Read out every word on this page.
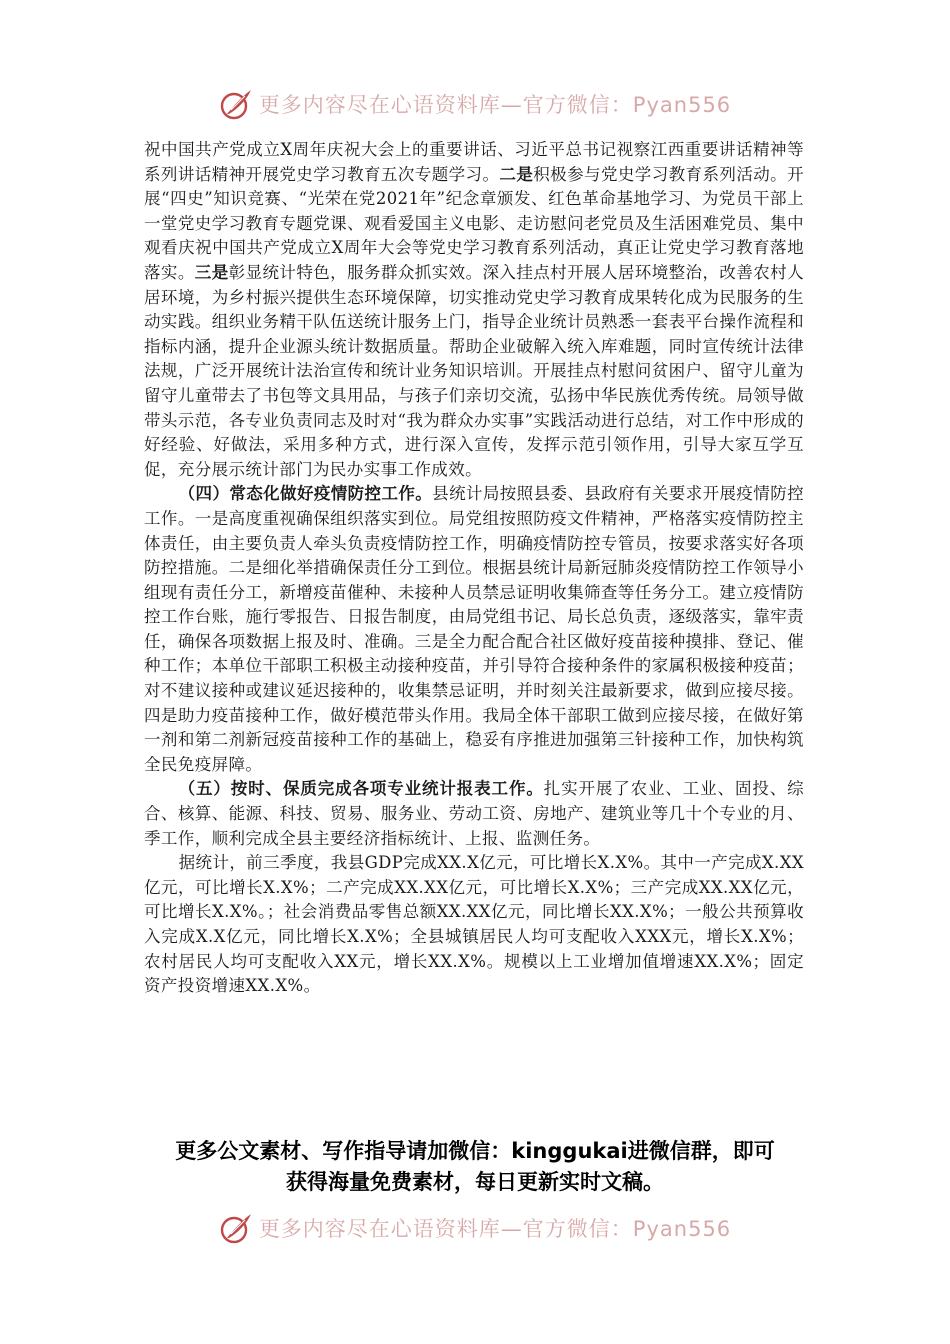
更多内容尽在心语资料库—官方微信：Pyan556

祝中国共产党成立X周年庆祝大会上的重要讲话、习近平总书记视察江西重要讲话精神等系列讲话精神开展党史学习教育五次专题学习。二是积极参与党史学习教育系列活动。开展“四史”知识竞赛、“光荣在党2021年”纪念章颁发、红色革命基地学习、为党员干部上一堂党史学习教育专题党课、观看爱国主义电影、走访慰问老党员及生活困难党员、集中观看庆祝中国共产党成立X周年大会等党史学习教育系列活动，真正让党史学习教育落地落实。三是彰显统计特色，服务群众抓实效。深入挂点村开展人居环境整治，改善农村人居环境，为乡村振兴提供生态环境保障，切实推动党史学习教育成果转化成为民服务的生动实践。组织业务精干队伍送统计服务上门，指导企业统计员熟悉一套表平台操作流程和指标内涵，提升企业源头统计数据质量。帮助企业破解入统入库难题，同时宣传统计法律法规，广泛开展统计法治宣传和统计业务知识培训。开展挂点村慰问贫困户、留守儿童为留守儿童带去了书包等文具用品，与孩子们亲切交流，弘扬中华民族优秀传统。局领导做带头示范，各专业负责同志及时对“我为群众办实事”实践活动进行总结，对工作中形成的好经验、好做法，采用多种方式，进行深入宣传，发挥示范引领作用，引导大家互学互促，充分展示统计部门为民办实事工作成效。

（四）常态化做好疫情防控工作。县统计局按照县委、县政府有关要求开展疫情防控工作。一是高度重视确保组织落实到位。局党组按照防疫文件精神，严格落实疫情防控主体责任，由主要负责人牵头负责疫情防控工作，明确疫情防控专管员，按要求落实好各项防控措施。二是细化举措确保责任分工到位。根据县统计局新冠肺炎疫情防控工作领导小组现有责任分工，新增疫苗催种、未接种人员禁忌证明收集筛查等任务分工。建立疫情防控工作台账，施行零报告、日报告制度，由局党组书记、局长总负责，逐级落实，靠牢责任，确保各项数据上报及时、准确。三是全力配合配合社区做好疫苗接种摸排、登记、催种工作；本单位干部职工积极主动接种疫苗，并引导符合接种条件的家属积极接种疫苗；对不建议接种或建议延迟接种的，收集禁忌证明，并时刻关注最新要求，做到应接尽接。四是助力疫苗接种工作，做好模范带头作用。我局全体干部职工做到应接尽接，在做好第一剂和第二剂新冠疫苗接种工作的基础上，稳妥有序推进加强第三针接种工作，加快构筑全民免疫屏障。

（五）按时、保质完成各项专业统计报表工作。扎实开展了农业、工业、固投、综合、核算、能源、科技、贸易、服务业、劳动工资、房地产、建筑业等几十个专业的月、季工作，顺利完成全县主要经济指标统计、上报、监测任务。

据统计，前三季度，我县GDP完成XX.X亿元，可比增长X.X%。其中一产完成X.XX亿元，可比增长X.X%；二产完成XX.XX亿元，可比增长X.X%；三产完成XX.XX亿元，可比增长X.X%。；社会消费品零售总额XX.XX亿元，同比增长XX.X%；一般公共预算收入完成X.X亿元，同比增长X.X%；全县城镇居民人均可支配收入XXX元，增长X.X%；农村居民人均可支配收入XX元，增长XX.X%。规模以上工业增加值增速XX.X%；固定资产投资增速XX.X%。

更多公文素材、写作指导请加微信：kinggukai进微信群，即可
获得海量免费素材，每日更新实时文稿。
更多内容尽在心语资料库—官方微信：Pyan556
